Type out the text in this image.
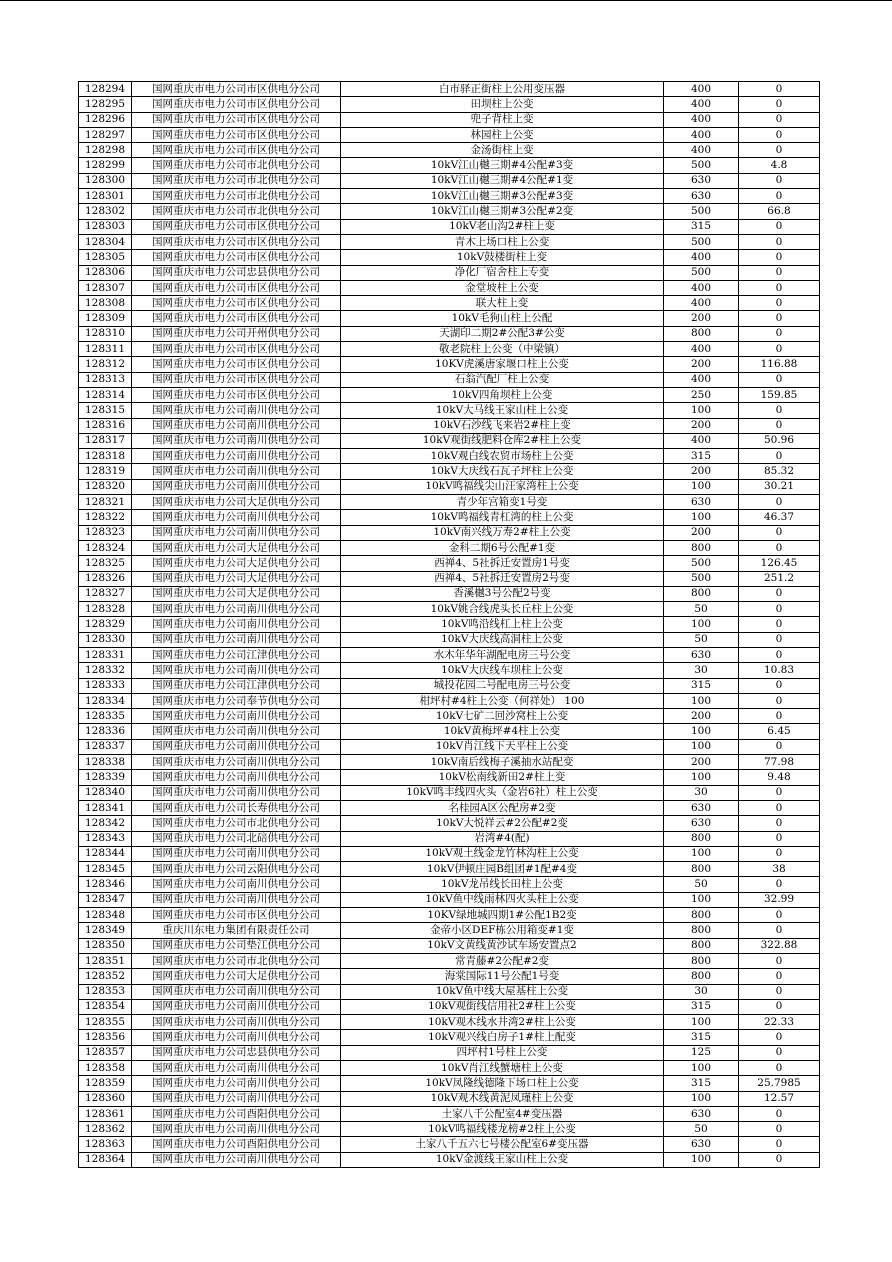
128294	国网重庆市电力公司市区供电分公司	白市驿正街柱上公用变压器	400	0
128295	国网重庆市电力公司市区供电分公司	田坝柱上公变	400	0
128296	国网重庆市电力公司市区供电分公司	兜子背柱上变	400	0
128297	国网重庆市电力公司市区供电分公司	林园柱上公变	400	0
128298	国网重庆市电力公司市区供电分公司	金汤街柱上变	400	0
128299	国网重庆市电力公司市北供电分公司	10kV江山樾三期#4公配#3变	500	4.8
128300	国网重庆市电力公司市北供电分公司	10kV江山樾三期#4公配#1变	630	0
128301	国网重庆市电力公司市北供电分公司	10kV江山樾三期#3公配#3变	630	0
128302	国网重庆市电力公司市北供电分公司	10kV江山樾三期#3公配#2变	500	66.8
128303	国网重庆市电力公司市区供电分公司	10kV老山沟2#柱上变	315	0
128304	国网重庆市电力公司市区供电分公司	青木上场口柱上公变	500	0
128305	国网重庆市电力公司市区供电分公司	10kV鼓楼街柱上变	400	0
128306	国网重庆市电力公司忠县供电分公司	净化厂宿舍柱上专变	500	0
128307	国网重庆市电力公司市区供电分公司	金堂坡柱上公变	400	0
128308	国网重庆市电力公司市区供电分公司	联大柱上变	400	0
128309	国网重庆市电力公司市区供电分公司	10kV毛狗山柱上公配	200	0
128310	国网重庆市电力公司开州供电分公司	天湖印二期2#公配3#公变	800	0
128311	国网重庆市电力公司市区供电分公司	敬老院柱上公变（中梁镇）	400	0
128312	国网重庆市电力公司市区供电分公司	10KV虎溪唐家堰口柱上公变	200	116.88
128313	国网重庆市电力公司市区供电分公司	石翁汽配厂柱上公变	400	0
128314	国网重庆市电力公司市区供电分公司	10kV四角坝柱上公变	250	159.85
128315	国网重庆市电力公司南川供电分公司	10kV大马线王家山柱上公变	100	0
128316	国网重庆市电力公司南川供电分公司	10kV石沙线飞来岩2#柱上变	200	0
128317	国网重庆市电力公司南川供电分公司	10kV观街线肥料仓库2#柱上公变	400	50.96
128318	国网重庆市电力公司南川供电分公司	10kV观白线农贸市场柱上公变	315	0
128319	国网重庆市电力公司南川供电分公司	10kV大庆线石瓦子坪柱上公变	200	85.32
128320	国网重庆市电力公司南川供电分公司	10kV鸣福线尖山汪家湾柱上公变	100	30.21
128321	国网重庆市电力公司大足供电分公司	青少年宫箱变1号变	630	0
128322	国网重庆市电力公司南川供电分公司	10kV鸣福线青杠湾的柱上公变	100	46.37
128323	国网重庆市电力公司南川供电分公司	10kV南兴线万寿2#柱上公变	200	0
128324	国网重庆市电力公司大足供电分公司	金科二期6号公配#1变	800	0
128325	国网重庆市电力公司大足供电分公司	西禅4、5社拆迁安置房1号变	500	126.45
128326	国网重庆市电力公司大足供电分公司	西禅4、5社拆迁安置房2号变	500	251.2
128327	国网重庆市电力公司大足供电分公司	香溪樾3号公配2号变	800	0
128328	国网重庆市电力公司南川供电分公司	10kV姚合线虎头长丘柱上公变	50	0
128329	国网重庆市电力公司南川供电分公司	10kV鸣沿线杠上柱上公变	100	0
128330	国网重庆市电力公司南川供电分公司	10kV大庆线高洞柱上公变	50	0
128331	国网重庆市电力公司江津供电分公司	水木年华年湖配电房三号公变	630	0
128332	国网重庆市电力公司南川供电分公司	10kV大庆线车坝柱上公变	30	10.83
128333	国网重庆市电力公司江津供电分公司	城投花园二号配电房三号公变	315	0
128334	国网重庆市电力公司奉节供电分公司	柑坪村#4柱上公变（何祥处） 100	100	0
128335	国网重庆市电力公司南川供电分公司	10kV七矿二回沙窝柱上公变	200	0
128336	国网重庆市电力公司南川供电分公司	10kV黄梅坪#4柱上公变	100	6.45
128337	国网重庆市电力公司南川供电分公司	10kV肖江线下天平柱上公变	100	0
128338	国网重庆市电力公司南川供电分公司	10kV南后线梅子溪抽水站配变	200	77.98
128339	国网重庆市电力公司南川供电分公司	10kV松南线新田2#柱上变	100	9.48
128340	国网重庆市电力公司南川供电分公司	10kV鸣丰线四火头（金岩6社）柱上公变	30	0
128341	国网重庆市电力公司长寿供电分公司	名桂园A区公配房#2变	630	0
128342	国网重庆市电力公司市北供电分公司	10kV大悦祥云#2公配#2变	630	0
128343	国网重庆市电力公司北碚供电分公司	岩湾#4(配)	800	0
128344	国网重庆市电力公司南川供电分公司	10kV观土线金龙竹林沟柱上公变	100	0
128345	国网重庆市电力公司云阳供电分公司	10kV伊顿庄园B组团#1配#4变	800	38
128346	国网重庆市电力公司南川供电分公司	10kV龙吊线长田柱上公变	50	0
128347	国网重庆市电力公司南川供电分公司	10kV鱼中线雨林四火头柱上公变	100	32.99
128348	国网重庆市电力公司市区供电分公司	10KV绿地城四期1#公配1B2变	800	0
128349	重庆川东电力集团有限责任公司	金帝小区DEF栋公用箱变#1变	800	0
128350	国网重庆市电力公司垫江供电分公司	10kV文黄线黄沙试车场安置点2	800	322.88
128351	国网重庆市电力公司市北供电分公司	常青藤#2公配#2变	800	0
128352	国网重庆市电力公司大足供电分公司	海棠国际11号公配1号变	800	0
128353	国网重庆市电力公司南川供电分公司	10kV鱼中线大屋基柱上公变	30	0
128354	国网重庆市电力公司南川供电分公司	10kV观街线信用社2#柱上公变	315	0
128355	国网重庆市电力公司南川供电分公司	10kV观木线水井湾2#柱上公变	100	22.33
128356	国网重庆市电力公司南川供电分公司	10kV观兴线白房子1#柱上配变	315	0
128357	国网重庆市电力公司忠县供电分公司	四坪村1号柱上公变	125	0
128358	国网重庆市电力公司南川供电分公司	10kV肖江线蟹塘柱上公变	100	0
128359	国网重庆市电力公司南川供电分公司	10kV凤隆线德隆下场口柱上公变	315	25.7985
128360	国网重庆市电力公司南川供电分公司	10kV观木线黄泥凤瑾柱上公变	100	12.57
128361	国网重庆市电力公司酉阳供电分公司	土家八千公配室4#变压器	630	0
128362	国网重庆市电力公司南川供电分公司	10kV鸣福线楼龙榜#2柱上公变	50	0
128363	国网重庆市电力公司酉阳供电分公司	土家八千五六七号楼公配室6#变压器	630	0
128364	国网重庆市电力公司南川供电分公司	10kV金渡线王家山柱上公变	100	0
